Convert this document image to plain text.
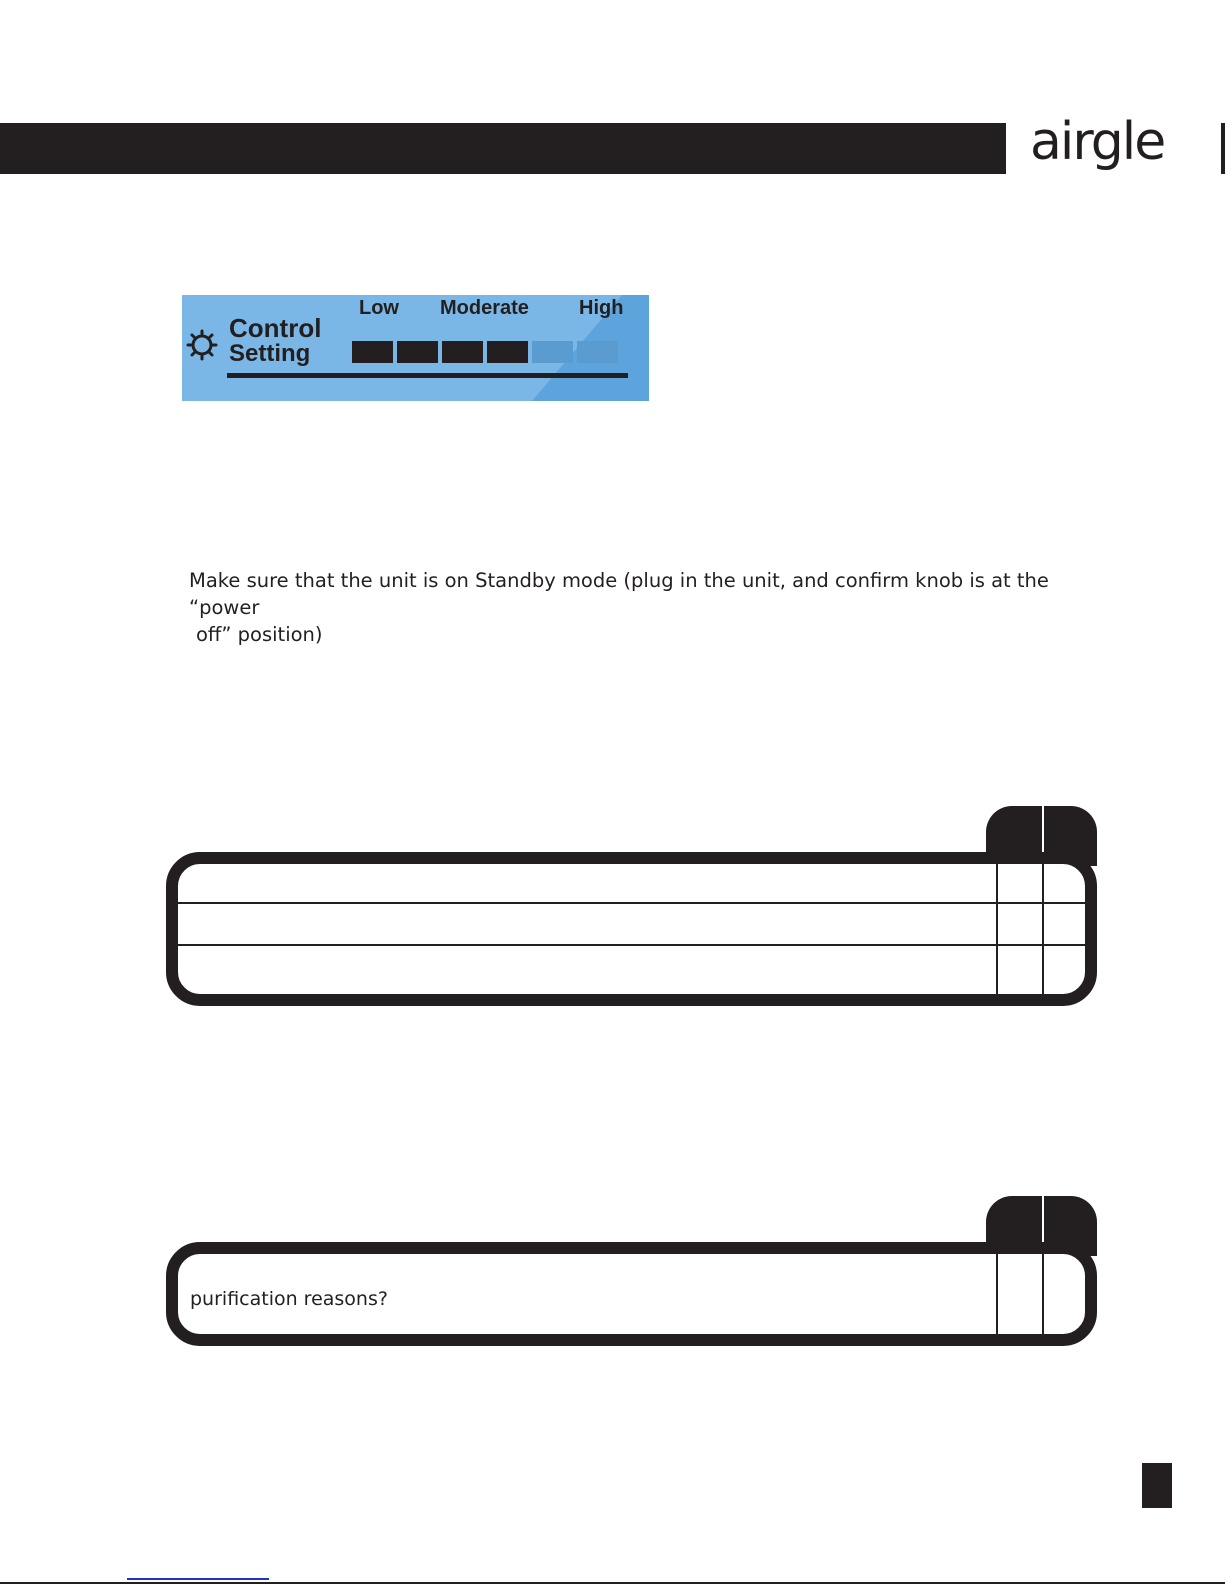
airgle
Control
Setting
Low Moderate	High
Make sure that the unit is on Standby mode (plug in the unit, and confirm knob is at the “power
off” position)
purification reasons?
